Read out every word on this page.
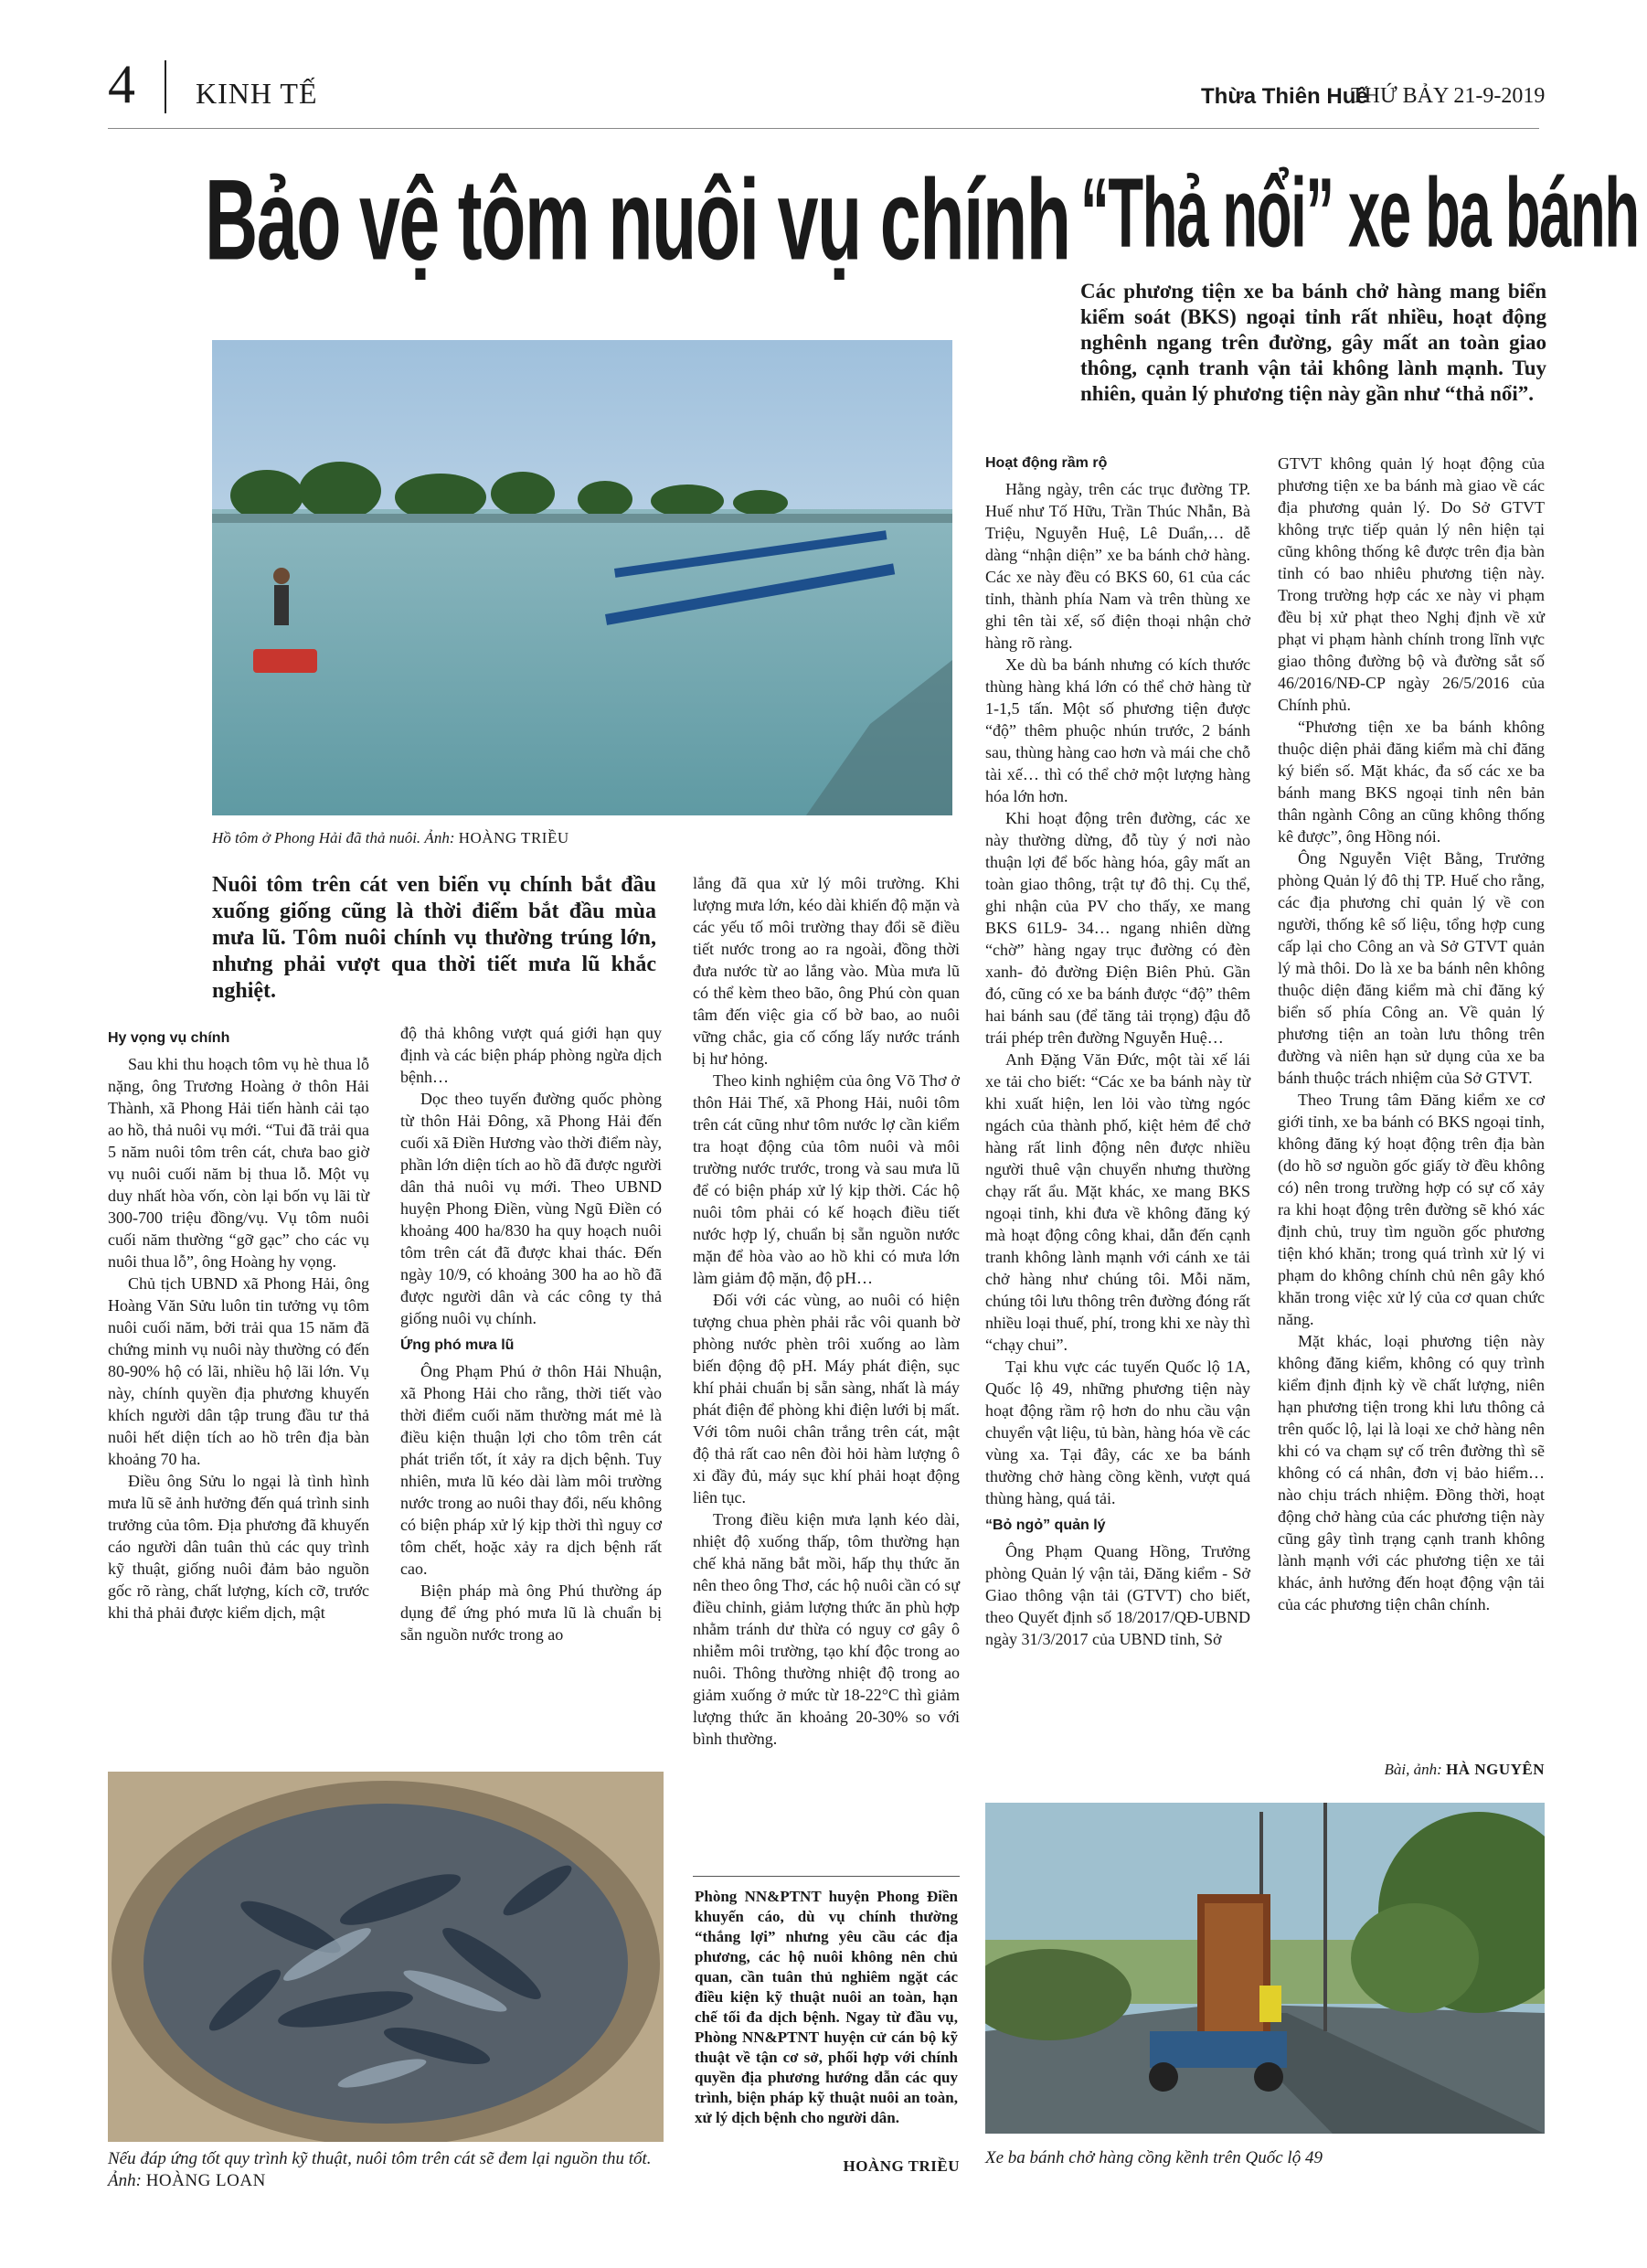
4 KINH TẾ	Thừa Thiên Huế
THỨ BẢY 21-9-2019
Bảo vệ tôm nuôi vụ chính “Thả nổi” xe ba bánh
Các phương tiện xe ba bánh chở hàng mang biển kiểm soát (BKS) ngoại tỉnh rất nhiều, hoạt động nghênh ngang trên đường, gây mất an toàn giao thông, cạnh tranh vận tải không lành mạnh. Tuy nhiên, quản lý phương tiện này gần như “thả nổi”.
Hồ tôm ở Phong Hải đã thả nuôi. Ảnh: HOÀNG TRIỀU
Nuôi tôm trên cát ven biển vụ chính bắt đầu xuống giống cũng là thời điểm bắt đầu mùa mưa lũ. Tôm nuôi chính vụ thường trúng lớn, nhưng phải vượt qua thời tiết mưa lũ khắc nghiệt.
Hy vọng vụ chính

Sau khi thu hoạch tôm vụ hè thua lỗ nặng, ông Trương Hoàng ở thôn Hải Thành, xã Phong Hải tiến hành cải tạo ao hồ, thả nuôi vụ mới. “Tui đã trải qua 5 năm nuôi tôm trên cát, chưa bao giờ vụ nuôi cuối năm bị thua lỗ. Một vụ duy nhất hòa vốn, còn lại bốn vụ lãi từ 300-700 triệu đồng/vụ. Vụ tôm nuôi cuối năm thường “gỡ gạc” cho các vụ nuôi thua lỗ”, ông Hoàng hy vọng.

Chủ tịch UBND xã Phong Hải, ông Hoàng Văn Sửu luôn tin tưởng vụ tôm nuôi cuối năm, bởi trải qua 15 năm đã chứng minh vụ nuôi này thường có đến 80-90% hộ có lãi, nhiều hộ lãi lớn. Vụ này, chính quyền địa phương khuyến khích người dân tập trung đầu tư thả nuôi hết diện tích ao hồ trên địa bàn khoảng 70 ha.

Điều ông Sửu lo ngại là tình hình mưa lũ sẽ ảnh hưởng đến quá trình sinh trưởng của tôm. Địa phương đã khuyến cáo người dân tuân thủ các quy trình kỹ thuật, giống nuôi đảm bảo nguồn gốc rõ ràng, chất lượng, kích cỡ, trước khi thả phải được kiểm dịch, mật

độ thả không vượt quá giới hạn quy định và các biện pháp phòng ngừa dịch bệnh…

Dọc theo tuyến đường quốc phòng từ thôn Hải Đông, xã Phong Hải đến cuối xã Điền Hương vào thời điểm này, phần lớn diện tích ao hồ đã được người dân thả nuôi vụ mới. Theo UBND huyện Phong Điền, vùng Ngũ Điền có khoảng 400 ha/830 ha quy hoạch nuôi tôm trên cát đã được khai thác. Đến ngày 10/9, có khoảng 300 ha ao hồ đã được người dân và các công ty thả giống nuôi vụ chính.

Ứng phó mưa lũ

Ông Phạm Phú ở thôn Hải Nhuận, xã Phong Hải cho rằng, thời tiết vào thời điểm cuối năm thường mát mẻ là điều kiện thuận lợi cho tôm trên cát phát triển tốt, ít xảy ra dịch bệnh. Tuy nhiên, mưa lũ kéo dài làm môi trường nước trong ao nuôi thay đổi, nếu không có biện pháp xử lý kịp thời thì nguy cơ tôm chết, hoặc xảy ra dịch bệnh rất cao.

Biện pháp mà ông Phú thường áp dụng để ứng phó mưa lũ là chuẩn bị sẵn nguồn nước trong ao

lắng đã qua xử lý môi trường. Khi lượng mưa lớn, kéo dài khiến độ mặn và các yếu tố môi trường thay đổi sẽ điều tiết nước trong ao ra ngoài, đồng thời đưa nước từ ao lắng vào. Mùa mưa lũ có thể kèm theo bão, ông Phú còn quan tâm đến việc gia cố bờ bao, ao nuôi vững chắc, gia cố cống lấy nước tránh bị hư hỏng.

Theo kinh nghiệm của ông Võ Thơ ở thôn Hải Thế, xã Phong Hải, nuôi tôm trên cát cũng như tôm nước lợ cần kiểm tra hoạt động của tôm nuôi và môi trường nước trước, trong và sau mưa lũ để có biện pháp xử lý kịp thời. Các hộ nuôi tôm phải có kế hoạch điều tiết nước hợp lý, chuẩn bị sẵn nguồn nước mặn để hòa vào ao hồ khi có mưa lớn làm giảm độ mặn, độ pH…

Đối với các vùng, ao nuôi có hiện tượng chua phèn phải rắc vôi quanh bờ phòng nước phèn trôi xuống ao làm biến động độ pH. Máy phát điện, sục khí phải chuẩn bị sẵn sàng, nhất là máy phát điện để phòng khi điện lưới bị mất. Với tôm nuôi chân trắng trên cát, mật độ thả rất cao nên đòi hỏi hàm lượng ô xi đầy đủ, máy sục khí phải hoạt động liên tục.

Trong điều kiện mưa lạnh kéo dài, nhiệt độ xuống thấp, tôm thường hạn chế khả năng bắt mồi, hấp thụ thức ăn nên theo ông Thơ, các hộ nuôi cần có sự điều chỉnh, giảm lượng thức ăn phù hợp nhằm tránh dư thừa có nguy cơ gây ô nhiễm môi trường, tạo khí độc trong ao nuôi. Thông thường nhiệt độ trong ao giảm xuống ở mức từ 18-22°C thì giảm lượng thức ăn khoảng 20-30% so với bình thường.

Nếu đáp ứng tốt quy trình kỹ thuật, nuôi tôm trên cát sẽ đem lại nguồn thu tốt. Ảnh: HOÀNG LOAN
Phòng NN&PTNT huyện Phong Điền khuyến cáo, dù vụ chính thường “thắng lợi” nhưng yêu cầu các địa phương, các hộ nuôi không nên chủ quan, cần tuân thủ nghiêm ngặt các điều kiện kỹ thuật nuôi an toàn, hạn chế tối đa dịch bệnh. Ngay từ đầu vụ, Phòng NN&PTNT huyện cử cán bộ kỹ thuật về tận cơ sở, phối hợp với chính quyền địa phương hướng dẫn các quy trình, biện pháp kỹ thuật nuôi an toàn, xử lý dịch bệnh cho người dân.
HOÀNG TRIỀU
Hoạt động rầm rộ

Hằng ngày, trên các trục đường TP. Huế như Tố Hữu, Trần Thúc Nhẫn, Bà Triệu, Nguyễn Huệ, Lê Duẩn,… dễ dàng “nhận diện” xe ba bánh chở hàng. Các xe này đều có BKS 60, 61 của các tỉnh, thành phía Nam và trên thùng xe ghi tên tài xế, số điện thoại nhận chở hàng rõ ràng.

Xe dù ba bánh nhưng có kích thước thùng hàng khá lớn có thể chở hàng từ 1-1,5 tấn. Một số phương tiện được “độ” thêm phuộc nhún trước, 2 bánh sau, thùng hàng cao hơn và mái che chỗ tài xế… thì có thể chở một lượng hàng hóa lớn hơn.

Khi hoạt động trên đường, các xe này thường dừng, đỗ tùy ý nơi nào thuận lợi để bốc hàng hóa, gây mất an toàn giao thông, trật tự đô thị. Cụ thể, ghi nhận của PV cho thấy, xe mang BKS 61L9- 34… ngang nhiên dừng “chờ” hàng ngay trục đường có đèn xanh- đỏ đường Điện Biên Phủ. Gần đó, cũng có xe ba bánh được “độ” thêm hai bánh sau (để tăng tải trọng) đậu đỗ trái phép trên đường Nguyễn Huệ…

Anh Đặng Văn Đức, một tài xế lái xe tải cho biết: “Các xe ba bánh này từ khi xuất hiện, len lỏi vào từng ngóc ngách của thành phố, kiệt hẻm để chở hàng rất linh động nên được nhiều người thuê vận chuyển nhưng thường chạy rất ẩu. Mặt khác, xe mang BKS ngoại tỉnh, khi đưa về không đăng ký mà hoạt động công khai, dẫn đến cạnh tranh không lành mạnh với cánh xe tải chở hàng như chúng tôi. Mỗi năm, chúng tôi lưu thông trên đường đóng rất nhiều loại thuế, phí, trong khi xe này thì “chạy chui”.

Tại khu vực các tuyến Quốc lộ 1A, Quốc lộ 49, những phương tiện này hoạt động rầm rộ hơn do nhu cầu vận chuyển vật liệu, tủ bàn, hàng hóa về các vùng xa. Tại đây, các xe ba bánh thường chở hàng cồng kềnh, vượt quá thùng hàng, quá tải.

“Bỏ ngỏ” quản lý

Ông Phạm Quang Hồng, Trưởng phòng Quản lý vận tải, Đăng kiểm - Sở Giao thông vận tải (GTVT) cho biết, theo Quyết định số 18/2017/QĐ-UBND ngày 31/3/2017 của UBND tỉnh, Sở

GTVT không quản lý hoạt động của phương tiện xe ba bánh mà giao về các địa phương quản lý. Do Sở GTVT không trực tiếp quản lý nên hiện tại cũng không thống kê được trên địa bàn tỉnh có bao nhiêu phương tiện này. Trong trường hợp các xe này vi phạm đều bị xử phạt theo Nghị định về xử phạt vi phạm hành chính trong lĩnh vực giao thông đường bộ và đường sắt số 46/2016/NĐ-CP ngày 26/5/2016 của Chính phủ.

“Phương tiện xe ba bánh không thuộc diện phải đăng kiểm mà chỉ đăng ký biển số. Mặt khác, đa số các xe ba bánh mang BKS ngoại tỉnh nên bản thân ngành Công an cũng không thống kê được”, ông Hồng nói.

Ông Nguyễn Việt Bằng, Trưởng phòng Quản lý đô thị TP. Huế cho rằng, các địa phương chỉ quản lý về con người, thống kê số liệu, tổng hợp cung cấp lại cho Công an và Sở GTVT quản lý mà thôi. Do là xe ba bánh nên không thuộc diện đăng kiểm mà chỉ đăng ký biển số phía Công an. Về quản lý phương tiện an toàn lưu thông trên đường và niên hạn sử dụng của xe ba bánh thuộc trách nhiệm của Sở GTVT.

Theo Trung tâm Đăng kiểm xe cơ giới tỉnh, xe ba bánh có BKS ngoại tỉnh, không đăng ký hoạt động trên địa bàn (do hồ sơ nguồn gốc giấy tờ đều không có) nên trong trường hợp có sự cố xảy ra khi hoạt động trên đường sẽ khó xác định chủ, truy tìm nguồn gốc phương tiện khó khăn; trong quá trình xử lý vi phạm do không chính chủ nên gây khó khăn trong việc xử lý của cơ quan chức năng.

Mặt khác, loại phương tiện này không đăng kiểm, không có quy trình kiểm định định kỳ về chất lượng, niên hạn phương tiện trong khi lưu thông cả trên quốc lộ, lại là loại xe chở hàng nên khi có va chạm sự cố trên đường thì sẽ không có cá nhân, đơn vị bảo hiểm… nào chịu trách nhiệm. Đồng thời, hoạt động chở hàng của các phương tiện này cũng gây tình trạng cạnh tranh không lành mạnh với các phương tiện xe tải khác, ảnh hưởng đến hoạt động vận tải của các phương tiện chân chính.

Bài, ảnh: HÀ NGUYÊN
Xe ba bánh chở hàng cồng kềnh trên Quốc lộ 49
